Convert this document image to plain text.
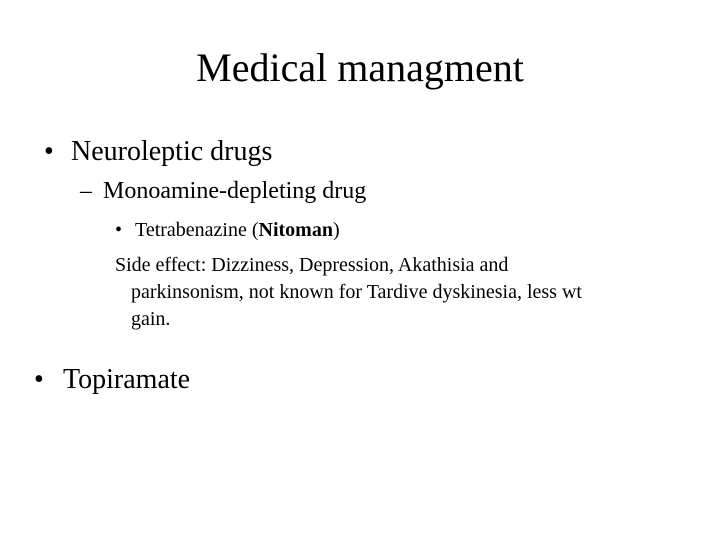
Medical managment
• Neuroleptic drugs
– Monoamine-depleting drug
• Tetrabenazine (Nitoman)
Side effect: Dizziness, Depression, Akathisia and
parkinsonism, not known for Tardive dyskinesia, less wt
gain.
• Topiramate
